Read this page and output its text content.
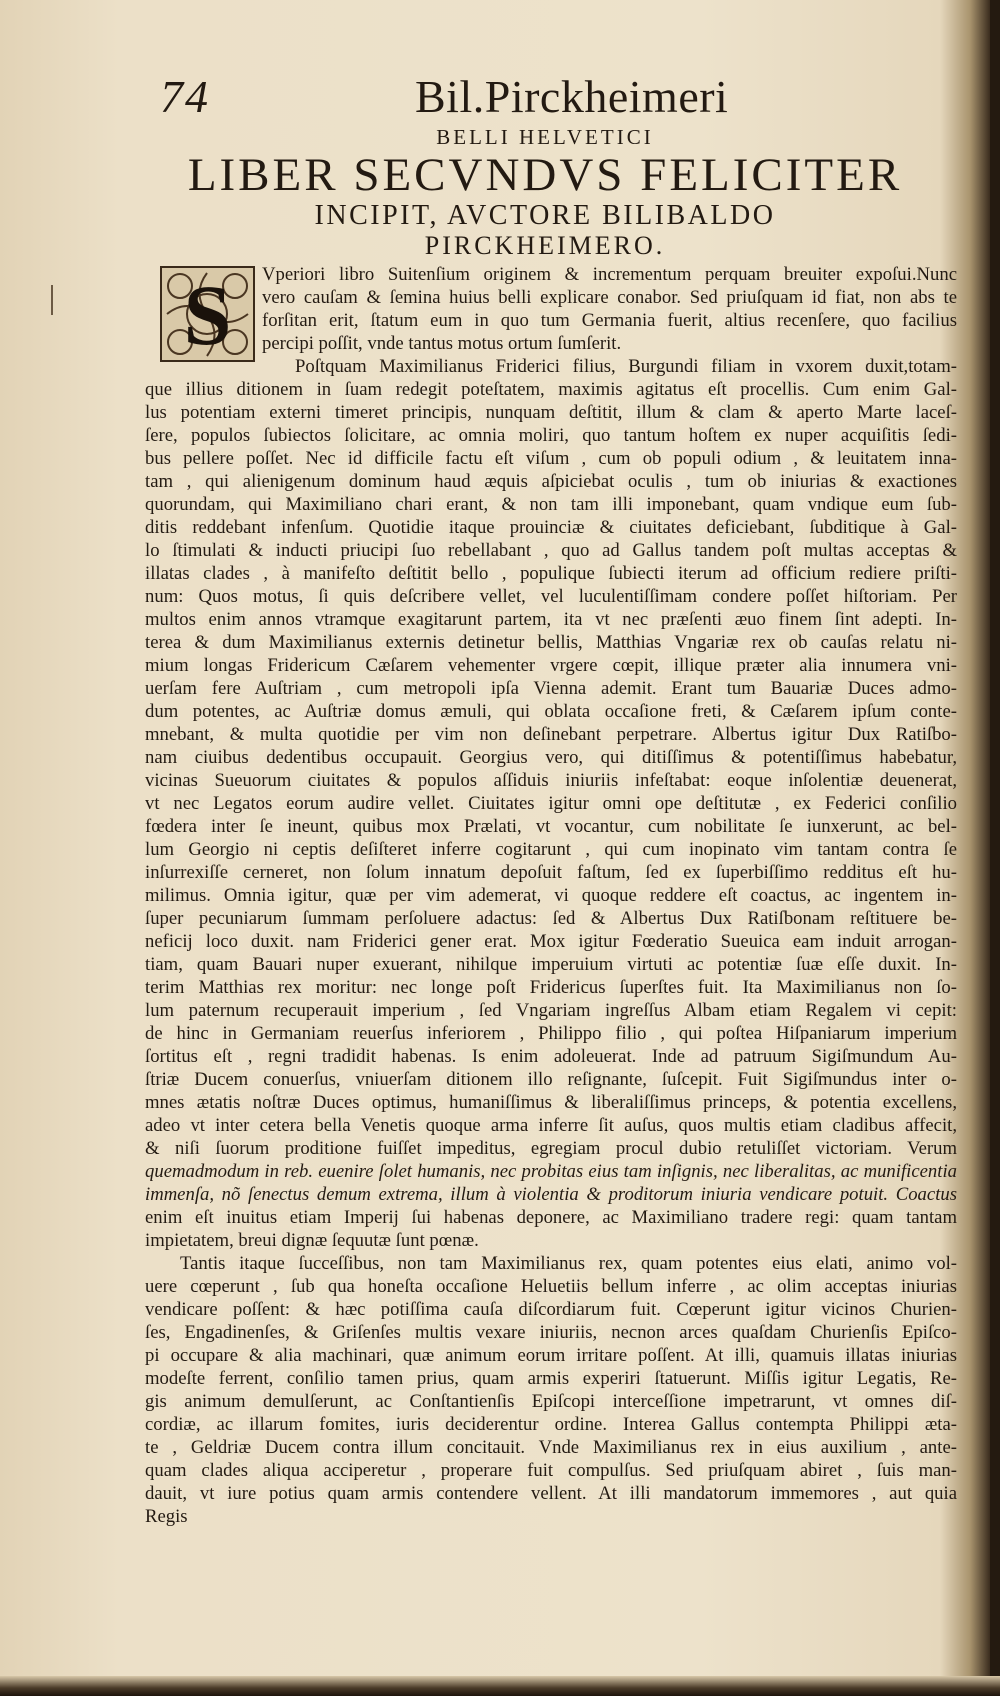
74	Bil.Pirckheimeri
BELLI HELVETICI
LIBER SECVNDVS FELICITER
INCIPIT, AVCTORE BILIBALDO
PIRCKHEIMERO.
S	Vperiori libro Suitenſium originem & incrementum perquam breuiter expoſui.Nunc
vero cauſam & ſemina huius belli explicare conabor. Sed priuſquam id fiat, non abs te
forſitan erit, ſtatum eum in quo tum Germania fuerit, altius recenſere, quo facilius
percipi poſſit, vnde tantus motus ortum ſumſerit.
Poſtquam Maximilianus Friderici filius, Burgundi filiam in vxorem duxit,totam-
que illius ditionem in ſuam redegit poteſtatem, maximis agitatus eſt procellis. Cum enim Gal-
lus potentiam externi timeret principis, nunquam deſtitit, illum & clam & aperto Marte laceſ-
ſere, populos ſubiectos ſolicitare, ac omnia moliri, quo tantum hoſtem ex nuper acquiſitis ſedi-
bus pellere poſſet. Nec id difficile factu eſt viſum , cum ob populi odium , & leuitatem inna-
tam , qui alienigenum dominum haud æquis aſpiciebat oculis , tum ob iniurias & exactiones
quorundam, qui Maximiliano chari erant, & non tam illi imponebant, quam vndique eum ſub-
ditis reddebant infenſum. Quotidie itaque prouinciæ & ciuitates deficiebant, ſubditique à Gal-
lo ſtimulati & inducti priucipi ſuo rebellabant , quo ad Gallus tandem poſt multas acceptas &
illatas clades , à manifeſto deſtitit bello , populique ſubiecti iterum ad officium rediere priſti-
num: Quos motus, ſi quis deſcribere vellet, vel luculentiſſimam condere poſſet hiſtoriam. Per
multos enim annos vtramque exagitarunt partem, ita vt nec præſenti æuo finem ſint adepti. In-
terea & dum Maximilianus externis detinetur bellis, Matthias Vngariæ rex ob cauſas relatu ni-
mium longas Fridericum Cæſarem vehementer vrgere cœpit, illique præter alia innumera vni-
uerſam fere Auſtriam , cum metropoli ipſa Vienna ademit. Erant tum Bauariæ Duces admo-
dum potentes, ac Auſtriæ domus æmuli, qui oblata occaſione freti, & Cæſarem ipſum conte-
mnebant, & multa quotidie per vim non deſinebant perpetrare. Albertus igitur Dux Ratiſbo-
nam ciuibus dedentibus occupauit. Georgius vero, qui ditiſſimus & potentiſſimus habebatur,
vicinas Sueuorum ciuitates & populos aſſiduis iniuriis infeſtabat: eoque inſolentiæ deuenerat,
vt nec Legatos eorum audire vellet. Ciuitates igitur omni ope deſtitutæ , ex Federici conſilio
fœdera inter ſe ineunt, quibus mox Prælati, vt vocantur, cum nobilitate ſe iunxerunt, ac bel-
lum Georgio ni ceptis deſiſteret inferre cogitarunt , qui cum inopinato vim tantam contra ſe
inſurrexiſſe cerneret, non ſolum innatum depoſuit faſtum, ſed ex ſuperbiſſimo redditus eſt hu-
milimus. Omnia igitur, quæ per vim ademerat, vi quoque reddere eſt coactus, ac ingentem in-
ſuper pecuniarum ſummam perſoluere adactus: ſed & Albertus Dux Ratiſbonam reſtituere be-
neficij loco duxit. nam Friderici gener erat. Mox igitur Fœderatio Sueuica eam induit arrogan-
tiam, quam Bauari nuper exuerant, nihilque imperuium virtuti ac potentiæ ſuæ eſſe duxit. In-
terim Matthias rex moritur: nec longe poſt Fridericus ſuperſtes fuit. Ita Maximilianus non ſo-
lum paternum recuperauit imperium , ſed Vngariam ingreſſus Albam etiam Regalem vi cepit:
de hinc in Germaniam reuerſus inferiorem , Philippo filio , qui poſtea Hiſpaniarum imperium
ſortitus eſt , regni tradidit habenas. Is enim adoleuerat. Inde ad patruum Sigiſmundum Au-
ſtriæ Ducem conuerſus, vniuerſam ditionem illo reſignante, ſuſcepit. Fuit Sigiſmundus inter o-
mnes ætatis noſtræ Duces optimus, humaniſſimus & liberaliſſimus princeps, & potentia excellens,
adeo vt inter cetera bella Venetis quoque arma inferre ſit auſus, quos multis etiam cladibus affecit,
& niſi ſuorum proditione fuiſſet impeditus, egregiam procul dubio retuliſſet victoriam. Verum
quemadmodum in reb. euenire ſolet humanis, nec probitas eius tam inſignis, nec liberalitas, ac munificentia
immenſa, nõ ſenectus demum extrema, illum à violentia & proditorum iniuria vendicare potuit. Coactus
enim eſt inuitus etiam Imperij ſui habenas deponere, ac Maximiliano tradere regi: quam tantam
impietatem, breui dignæ ſequutæ ſunt pœnæ.
Tantis itaque ſucceſſibus, non tam Maximilianus rex, quam potentes eius elati, animo vol-
uere cœperunt , ſub qua honeſta occaſione Heluetiis bellum inferre , ac olim acceptas iniurias
vendicare poſſent: & hæc potiſſima cauſa diſcordiarum fuit. Cœperunt igitur vicinos Churien-
ſes, Engadinenſes, & Griſenſes multis vexare iniuriis, necnon arces quaſdam Churienſis Epiſco-
pi occupare & alia machinari, quæ animum eorum irritare poſſent. At illi, quamuis illatas iniurias
modeſte ferrent, conſilio tamen prius, quam armis experiri ſtatuerunt. Miſſis igitur Legatis, Re-
gis animum demulſerunt, ac Conſtantienſis Epiſcopi interceſſione impetrarunt, vt omnes diſ-
cordiæ, ac illarum fomites, iuris deciderentur ordine. Interea Gallus contempta Philippi æta-
te , Geldriæ Ducem contra illum concitauit. Vnde Maximilianus rex in eius auxilium , ante-
quam clades aliqua acciperetur , properare fuit compulſus. Sed priuſquam abiret , ſuis man-
dauit, vt iure potius quam armis contendere vellent. At illi mandatorum immemores , aut quia
Regis
